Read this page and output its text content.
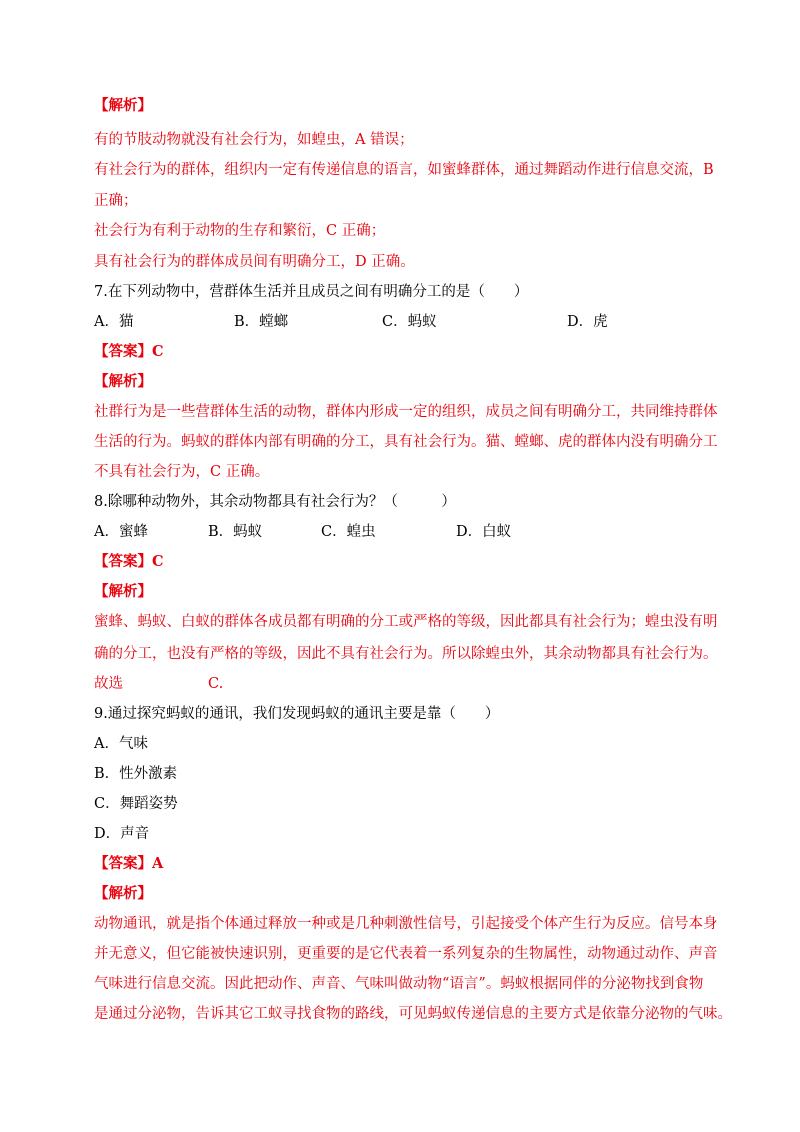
【解析】

有的节肢动物就没有社会行为，如蝗虫，A 错误；

有社会行为的群体，组织内一定有传递信息的语言，如蜜蜂群体，通过舞蹈动作进行信息交流，B

正确；

社会行为有利于动物的生存和繁衍，C 正确；

具有社会行为的群体成员间有明确分工，D 正确。

7.在下列动物中，营群体生活并且成员之间有明确分工的是（　　）

A．猫	B．螳螂	C．蚂蚁	D．虎

【答案】C

【解析】

社群行为是一些营群体生活的动物，群体内形成一定的组织，成员之间有明确分工，共同维持群体

生活的行为。蚂蚁的群体内部有明确的分工，具有社会行为。猫、螳螂、虎的群体内没有明确分工

不具有社会行为，C 正确。

8.除哪种动物外，其余动物都具有社会行为？（　　　）

A．蜜蜂	B．蚂蚁	C．蝗虫	D．白蚁

【答案】C

【解析】

蜜蜂、蚂蚁、白蚁的群体各成员都有明确的分工或严格的等级，因此都具有社会行为；蝗虫没有明

确的分工，也没有严格的等级，因此不具有社会行为。所以除蝗虫外，其余动物都具有社会行为。

故选	C.

9.通过探究蚂蚁的通讯，我们发现蚂蚁的通讯主要是靠（　　）

A．气味

B．性外激素

C．舞蹈姿势

D．声音

【答案】A

【解析】

动物通讯，就是指个体通过释放一种或是几种刺激性信号，引起接受个体产生行为反应。信号本身

并无意义，但它能被快速识别，更重要的是它代表着一系列复杂的生物属性，动物通过动作、声音

气味进行信息交流。因此把动作、声音、气味叫做动物“语言”。蚂蚁根据同伴的分泌物找到食物

是通过分泌物，告诉其它工蚁寻找食物的路线，可见蚂蚁传递信息的主要方式是依靠分泌物的气味。
